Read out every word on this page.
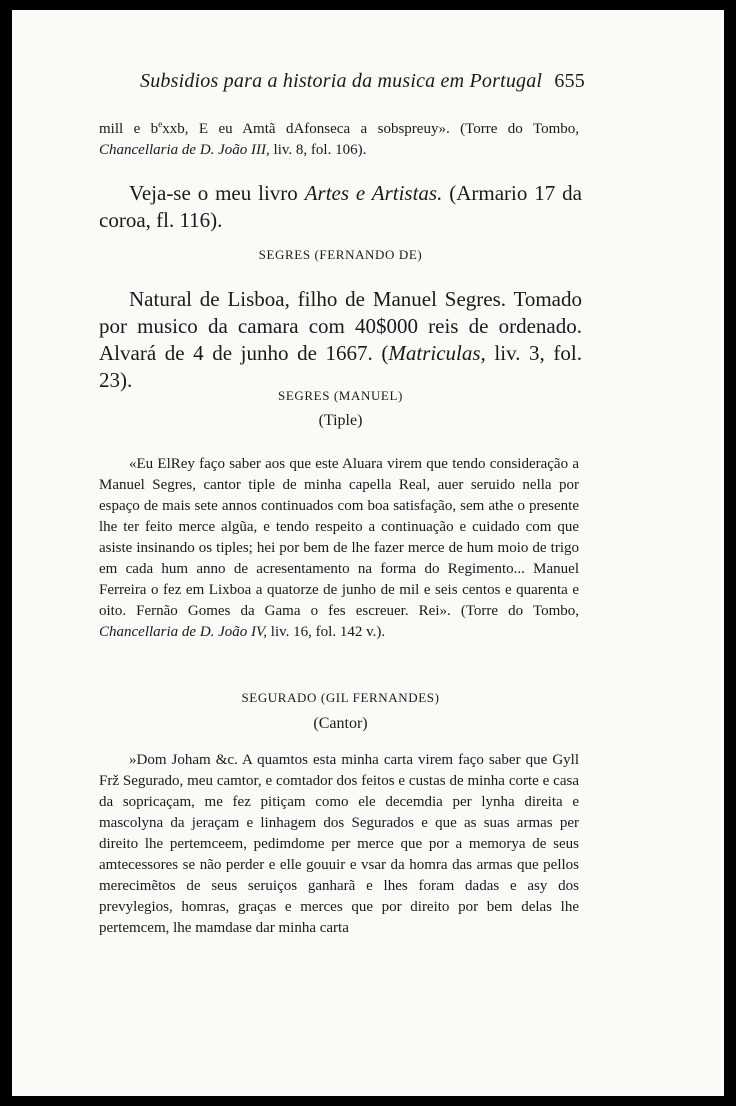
Subsidios para a historia da musica em Portugal 655

mill e $b^exxb$, E eu Amtã dAfonseca a sobspreuy». (Torre do Tombo, Chancellaria de D. João III, liv. 8, fol. 106).

Veja-se o meu livro Artes e Artistas. (Armario 17 da coroa, fl. 116).

SEGRES (FERNANDO DE)

Natural de Lisboa, filho de Manuel Segres. Tomado por musico da camara com 40$000 reis de ordenado. Alvará de 4 de junho de 1667. (Matriculas, liv. 3, fol. 23).

SEGRES (MANUEL)
(Tiple)

«Eu ElRey faço saber aos que este Aluara virem que tendo consideração a Manuel Segres, cantor tiple de minha capella Real, auer seruido nella por espaço de mais sete annos continuados com boa satisfação, sem athe o presente lhe ter feito merce algũa, e tendo respeito a continuação e cuidado com que asiste insinando os tiples; hei por bem de lhe fazer merce de hum moio de trigo em cada hum anno de acresentamento na forma do Regimento... Manuel Ferreira o fez em Lixboa a quatorze de junho de mil e seis centos e quarenta e oito. Fernão Gomes da Gama o fes escreuer. Rei». (Torre do Tombo, Chancellaria de D. João IV, liv. 16, fol. 142 v.).

SEGURADO (GIL FERNANDES)
(Cantor)

»Dom Joham &c. A quamtos esta minha carta virem faço saber que Gyll Frž Segurado, meu camtor, e comtador dos feitos e custas de minha corte e casa da sopricaçam, me fez pitiçam como ele decemdia per lynha direita e mascolyna da jeraçam e linhagem dos Segurados e que as suas armas per direito lhe pertemceem, pedimdome per merce que por a memorya de seus amtecessores se não perder e elle gouuir e vsar da homra das armas que pellos merecimẽtos de seus seruiços ganharã e lhes foram dadas e asy dos prevylegios, homras, graças e merces que por direito por bem delas lhe pertemcem, lhe mamdase dar minha carta
